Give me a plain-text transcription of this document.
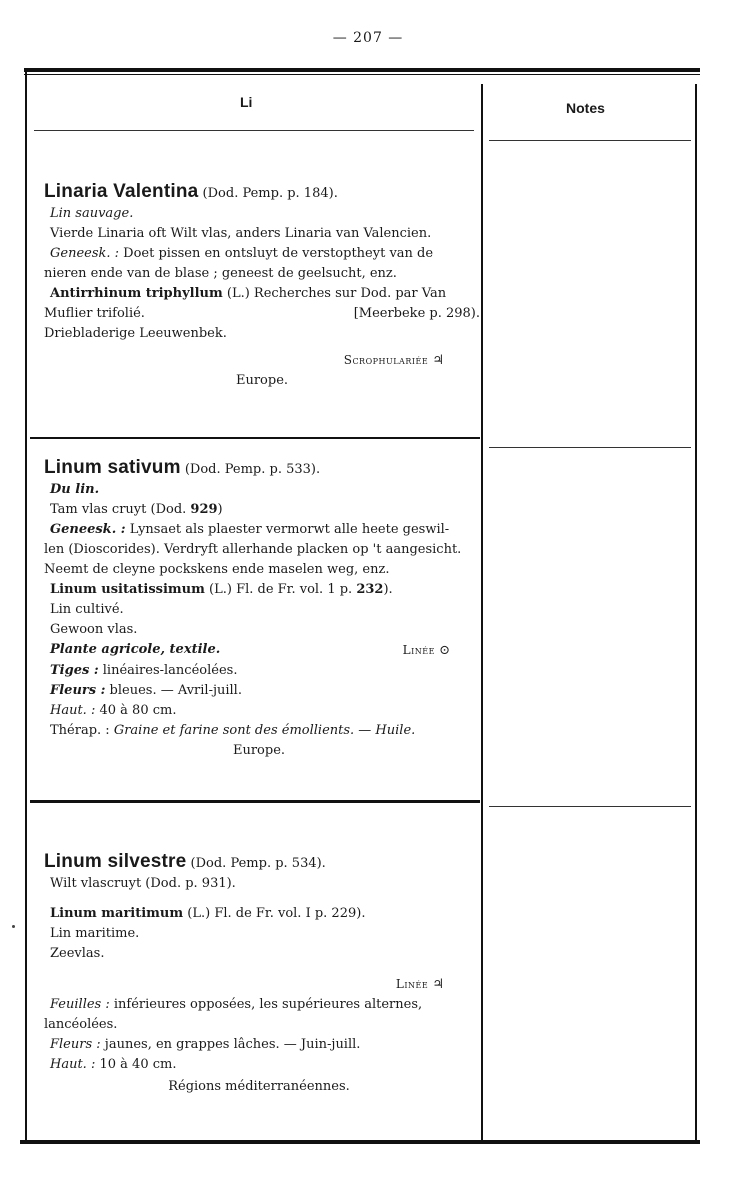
— 207 —
Li	Notes

Linaria Valentina (Dod. Pemp. p. 184).

Lin sauvage.

Vierde Linaria oft Wilt vlas, anders Linaria van Valencien.

Geneesk. : Doet pissen en ontsluyt de verstoptheyt van de

nieren ende van de blase ; geneest de geelsucht, enz.

Antirrhinum triphyllum (L.) Recherches sur Dod. par Van

Muflier trifolié.	[Meerbeke p. 298).

Driebladerige Leeuwenbek.

Scrophulariée ♃

Europe.

Linum sativum (Dod. Pemp. p. 533).

Du lin.

Tam vlas cruyt (Dod. 929)

Geneesk. : Lynsaet als plaester vermorwt alle heete geswil-

len (Dioscorides). Verdryft allerhande placken op 't aangesicht.

Neemt de cleyne pockskens ende maselen weg, enz.

Linum usitatissimum (L.) Fl. de Fr. vol. 1 p. 232).

Lin cultivé.

Gewoon vlas.

Plante agricole, textile.	Linée ⊙

Tiges : linéaires-lancéolées.

Fleurs : bleues. — Avril-juill.

Haut. : 40 à 80 cm.

Thérap. : Graine et farine sont des émollients. — Huile.

Europe.

Linum silvestre (Dod. Pemp. p. 534).

Wilt vlascruyt (Dod. p. 931).

Linum maritimum (L.) Fl. de Fr. vol. I p. 229).

Lin maritime.

Zeevlas.

Linée ♃

Feuilles : inférieures opposées, les supérieures alternes,

lancéolées.

Fleurs : jaunes, en grappes lâches. — Juin-juill.

Haut. : 10 à 40 cm.

Régions méditerranéennes.
